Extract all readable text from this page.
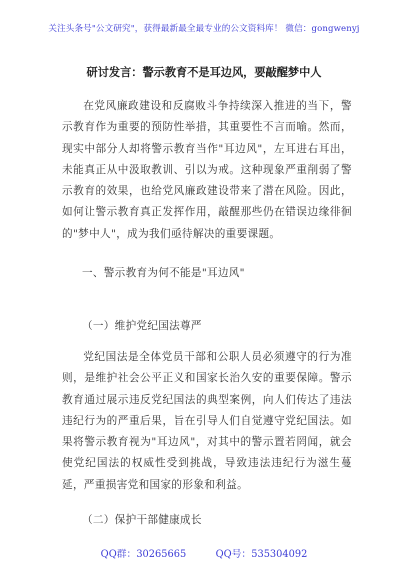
关注头条号"公文研究"，获得最新最全最专业的公文资料库！ 微信：gongwenyj
研讨发言：警示教育不是耳边风，要敲醒梦中人
在党风廉政建设和反腐败斗争持续深入推进的当下，警示教育作为重要的预防性举措，其重要性不言而喻。然而，现实中部分人却将警示教育当作"耳边风"，左耳进右耳出，未能真正从中汲取教训、引以为戒。这种现象严重削弱了警示教育的效果，也给党风廉政建设带来了潜在风险。因此，如何让警示教育真正发挥作用，敲醒那些仍在错误边缘徘徊的"梦中人"，成为我们亟待解决的重要课题。
一、警示教育为何不能是"耳边风"
（一）维护党纪国法尊严
党纪国法是全体党员干部和公职人员必须遵守的行为准则，是维护社会公平正义和国家长治久安的重要保障。警示教育通过展示违反党纪国法的典型案例，向人们传达了违法违纪行为的严重后果，旨在引导人们自觉遵守党纪国法。如果将警示教育视为"耳边风"，对其中的警示置若罔闻，就会使党纪国法的权威性受到挑战，导致违法违纪行为滋生蔓延，严重损害党和国家的形象和利益。
（二）保护干部健康成长
QQ群：30265665　　　QQ号：535304092
